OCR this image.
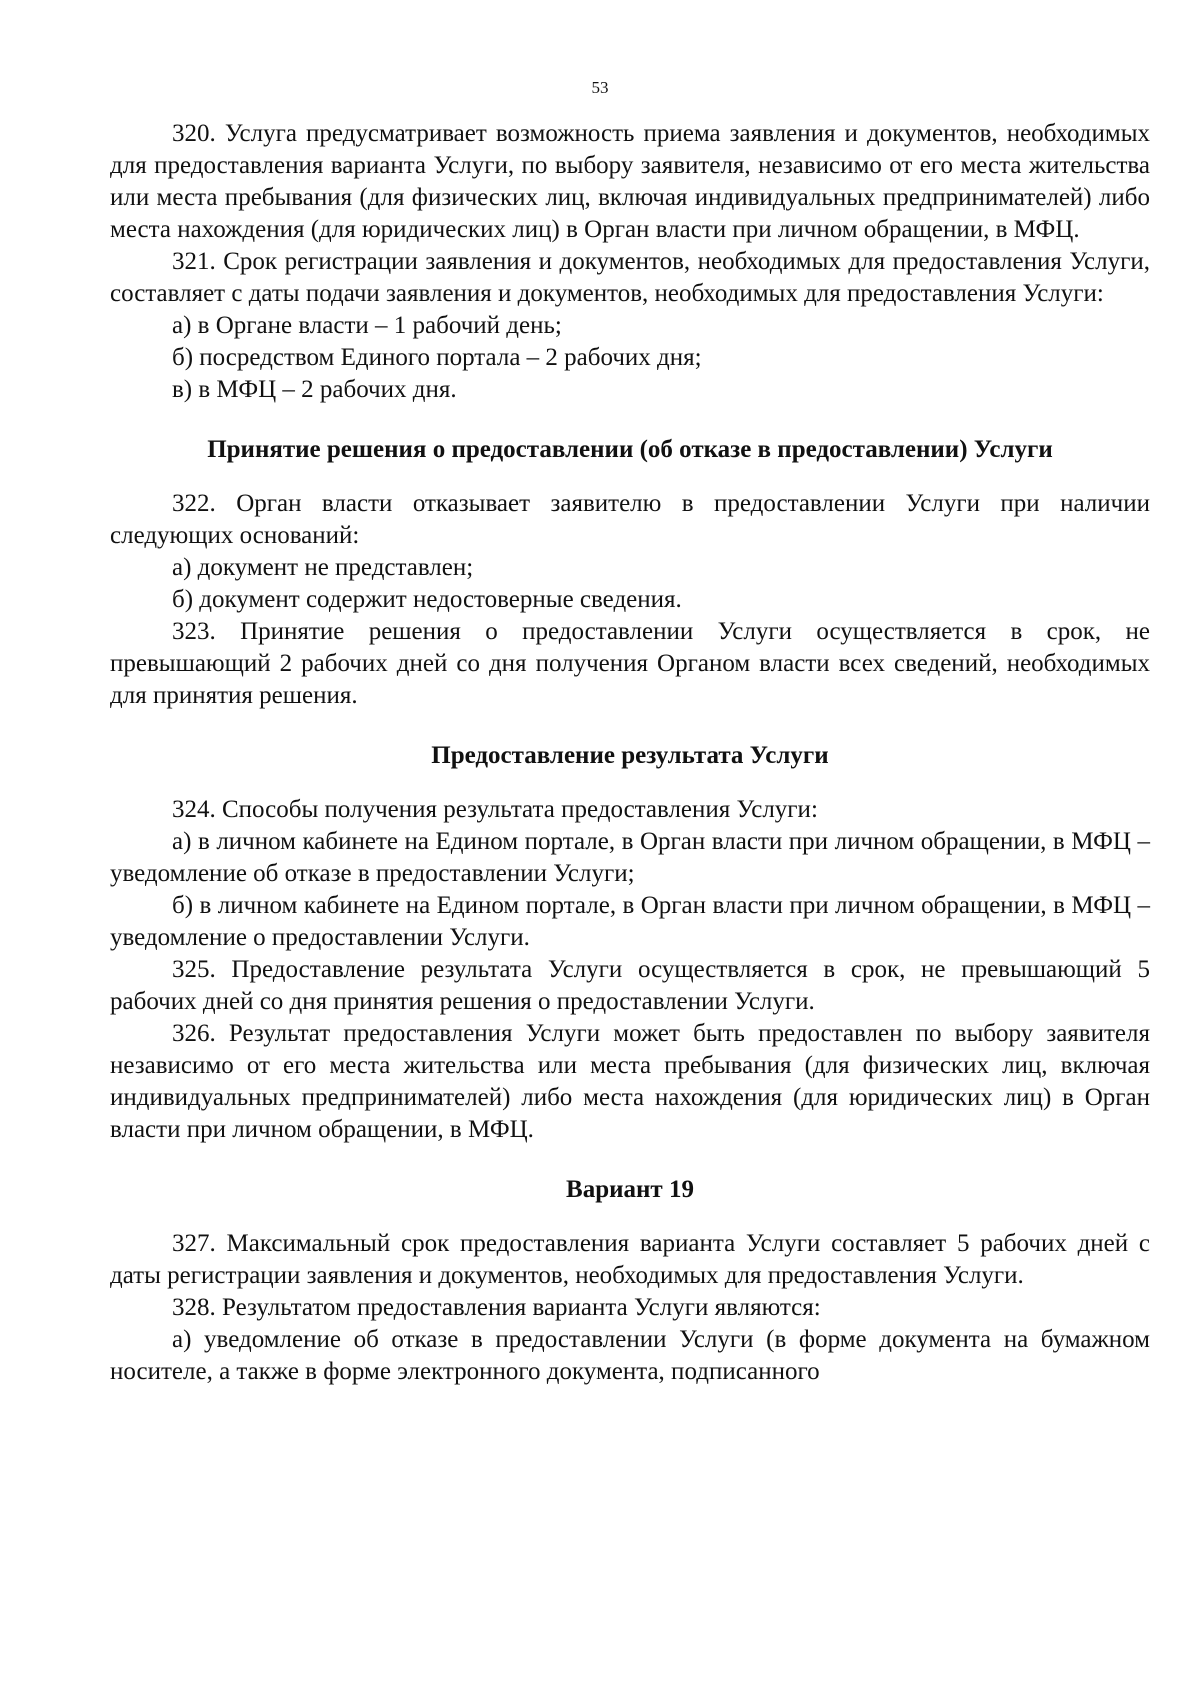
53

320. Услуга предусматривает возможность приема заявления и документов, необходимых для предоставления варианта Услуги, по выбору заявителя, независимо от его места жительства или места пребывания (для физических лиц, включая индивидуальных предпринимателей) либо места нахождения (для юридических лиц) в Орган власти при личном обращении, в МФЦ.

321. Срок регистрации заявления и документов, необходимых для предоставления Услуги, составляет с даты подачи заявления и документов, необходимых для предоставления Услуги:

а) в Органе власти – 1 рабочий день;

б) посредством Единого портала – 2 рабочих дня;

в) в МФЦ – 2 рабочих дня.

Принятие решения о предоставлении (об отказе в предоставлении) Услуги

322. Орган власти отказывает заявителю в предоставлении Услуги при наличии следующих оснований:

а) документ не представлен;

б) документ содержит недостоверные сведения.

323. Принятие решения о предоставлении Услуги осуществляется в срок, не превышающий 2 рабочих дней со дня получения Органом власти всех сведений, необходимых для принятия решения.

Предоставление результата Услуги

324. Способы получения результата предоставления Услуги:

а) в личном кабинете на Едином портале, в Орган власти при личном обращении, в МФЦ – уведомление об отказе в предоставлении Услуги;

б) в личном кабинете на Едином портале, в Орган власти при личном обращении, в МФЦ – уведомление о предоставлении Услуги.

325. Предоставление результата Услуги осуществляется в срок, не превышающий 5 рабочих дней со дня принятия решения о предоставлении Услуги.

326. Результат предоставления Услуги может быть предоставлен по выбору заявителя независимо от его места жительства или места пребывания (для физических лиц, включая индивидуальных предпринимателей) либо места нахождения (для юридических лиц) в Орган власти при личном обращении, в МФЦ.

Вариант 19

327. Максимальный срок предоставления варианта Услуги составляет 5 рабочих дней с даты регистрации заявления и документов, необходимых для предоставления Услуги.

328. Результатом предоставления варианта Услуги являются:

а) уведомление об отказе в предоставлении Услуги (в форме документа на бумажном носителе, а также в форме электронного документа, подписанного
